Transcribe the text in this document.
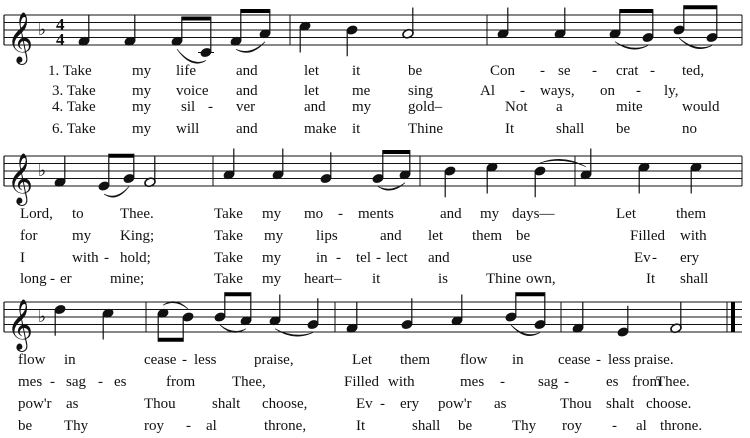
𝄞 ♭ 4
4
1. Take	my life	and	let it	be	Con - se - crat - ted,
3. Take my voice and	let me	sing	Al - ways, on - ly,
4. Take my sil - ver	and my gold–	Not a	mite	would
6. Take my will and	make it	Thine	It	shall be	no
𝄞 ♭
Lord, to Thee.	Take my mo - ments	and my days—	Let	them
for my King;	Take my lips	and let them be	Filled with
I	with - hold;	Take my in - tel - lect and	use	Ev - ery
long - er	mine;	Take my heart– it	is	Thine own,	It shall
𝄞 ♭
flow in	cease - less	praise,	Let them flow in cease - less praise.
mes - sag - es	from Thee,	Filled with	mes - sag - es from
Thee.
pow'r as	Thou shalt choose,	Ev - ery pow'r as	Thou shalt choose.
be Thy	roy - al	throne,	It	shall be	Thy roy - al throne.
